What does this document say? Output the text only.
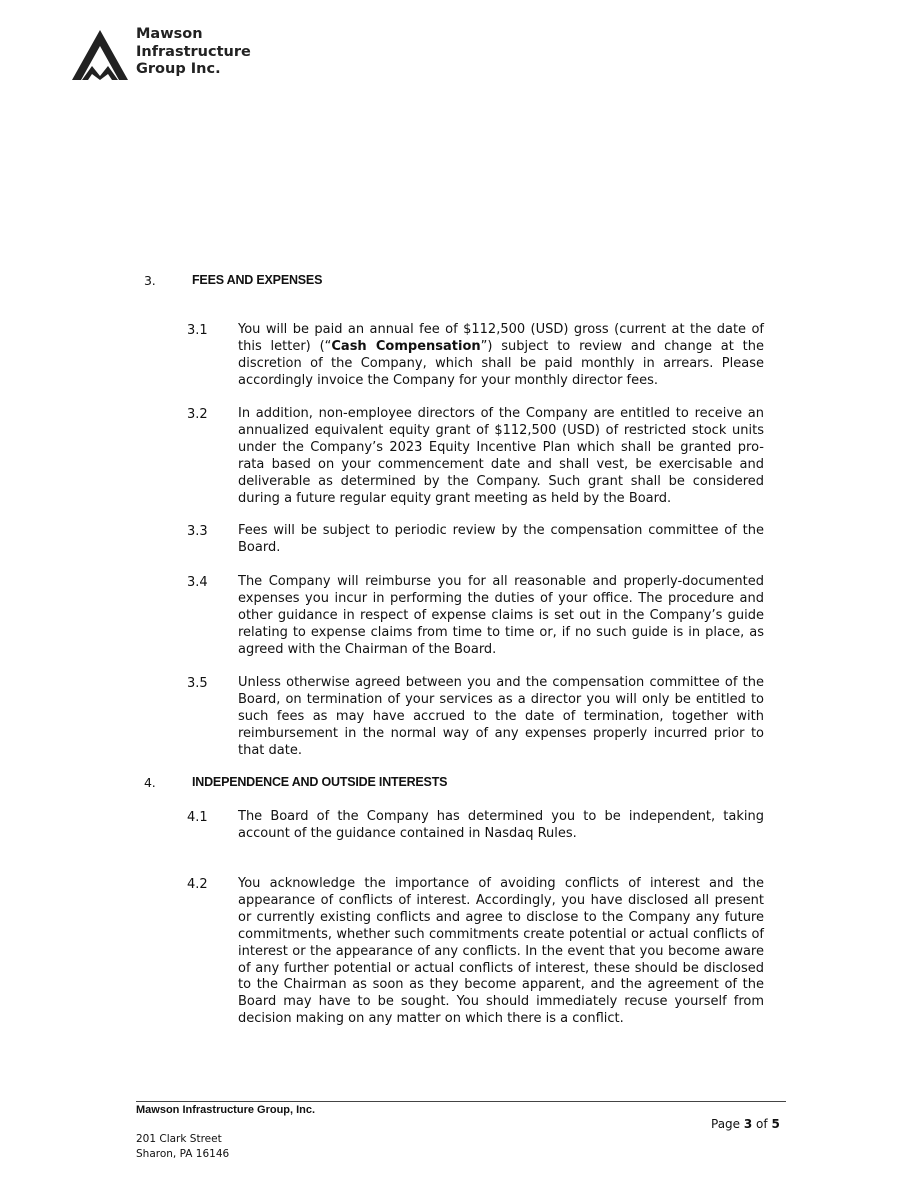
Mawson
Infrastructure
Group Inc.
3.	FEES AND EXPENSES
3.1 You will be paid an annual fee of $112,500 (USD) gross (current at the date of this letter) (“Cash Compensation”) subject to review and change at the discretion of the Company, which shall be paid monthly in arrears. Please accordingly invoice the Company for your monthly director fees.
3.2 In addition, non-employee directors of the Company are entitled to receive an annualized equivalent equity grant of $112,500 (USD) of restricted stock units under the Company’s 2023 Equity Incentive Plan which shall be granted pro-rata based on your commencement date and shall vest, be exercisable and deliverable as determined by the Company. Such grant shall be considered during a future regular equity grant meeting as held by the Board.
3.3 Fees will be subject to periodic review by the compensation committee of the Board.
3.4 The Company will reimburse you for all reasonable and properly-documented expenses you incur in performing the duties of your office. The procedure and other guidance in respect of expense claims is set out in the Company’s guide relating to expense claims from time to time or, if no such guide is in place, as agreed with the Chairman of the Board.
3.5 Unless otherwise agreed between you and the compensation committee of the Board, on termination of your services as a director you will only be entitled to such fees as may have accrued to the date of termination, together with reimbursement in the normal way of any expenses properly incurred prior to that date.
4.	INDEPENDENCE AND OUTSIDE INTERESTS
4.1 The Board of the Company has determined you to be independent, taking account of the guidance contained in Nasdaq Rules.
4.2 You acknowledge the importance of avoiding conflicts of interest and the appearance of conflicts of interest. Accordingly, you have disclosed all present or currently existing conflicts and agree to disclose to the Company any future commitments, whether such commitments create potential or actual conflicts of interest or the appearance of any conflicts. In the event that you become aware of any further potential or actual conflicts of interest, these should be disclosed to the Chairman as soon as they become apparent, and the agreement of the Board may have to be sought. You should immediately recuse yourself from decision making on any matter on which there is a conflict.
Mawson Infrastructure Group, Inc.
201 Clark Street
Sharon, PA 16146
Page 3 of 5
